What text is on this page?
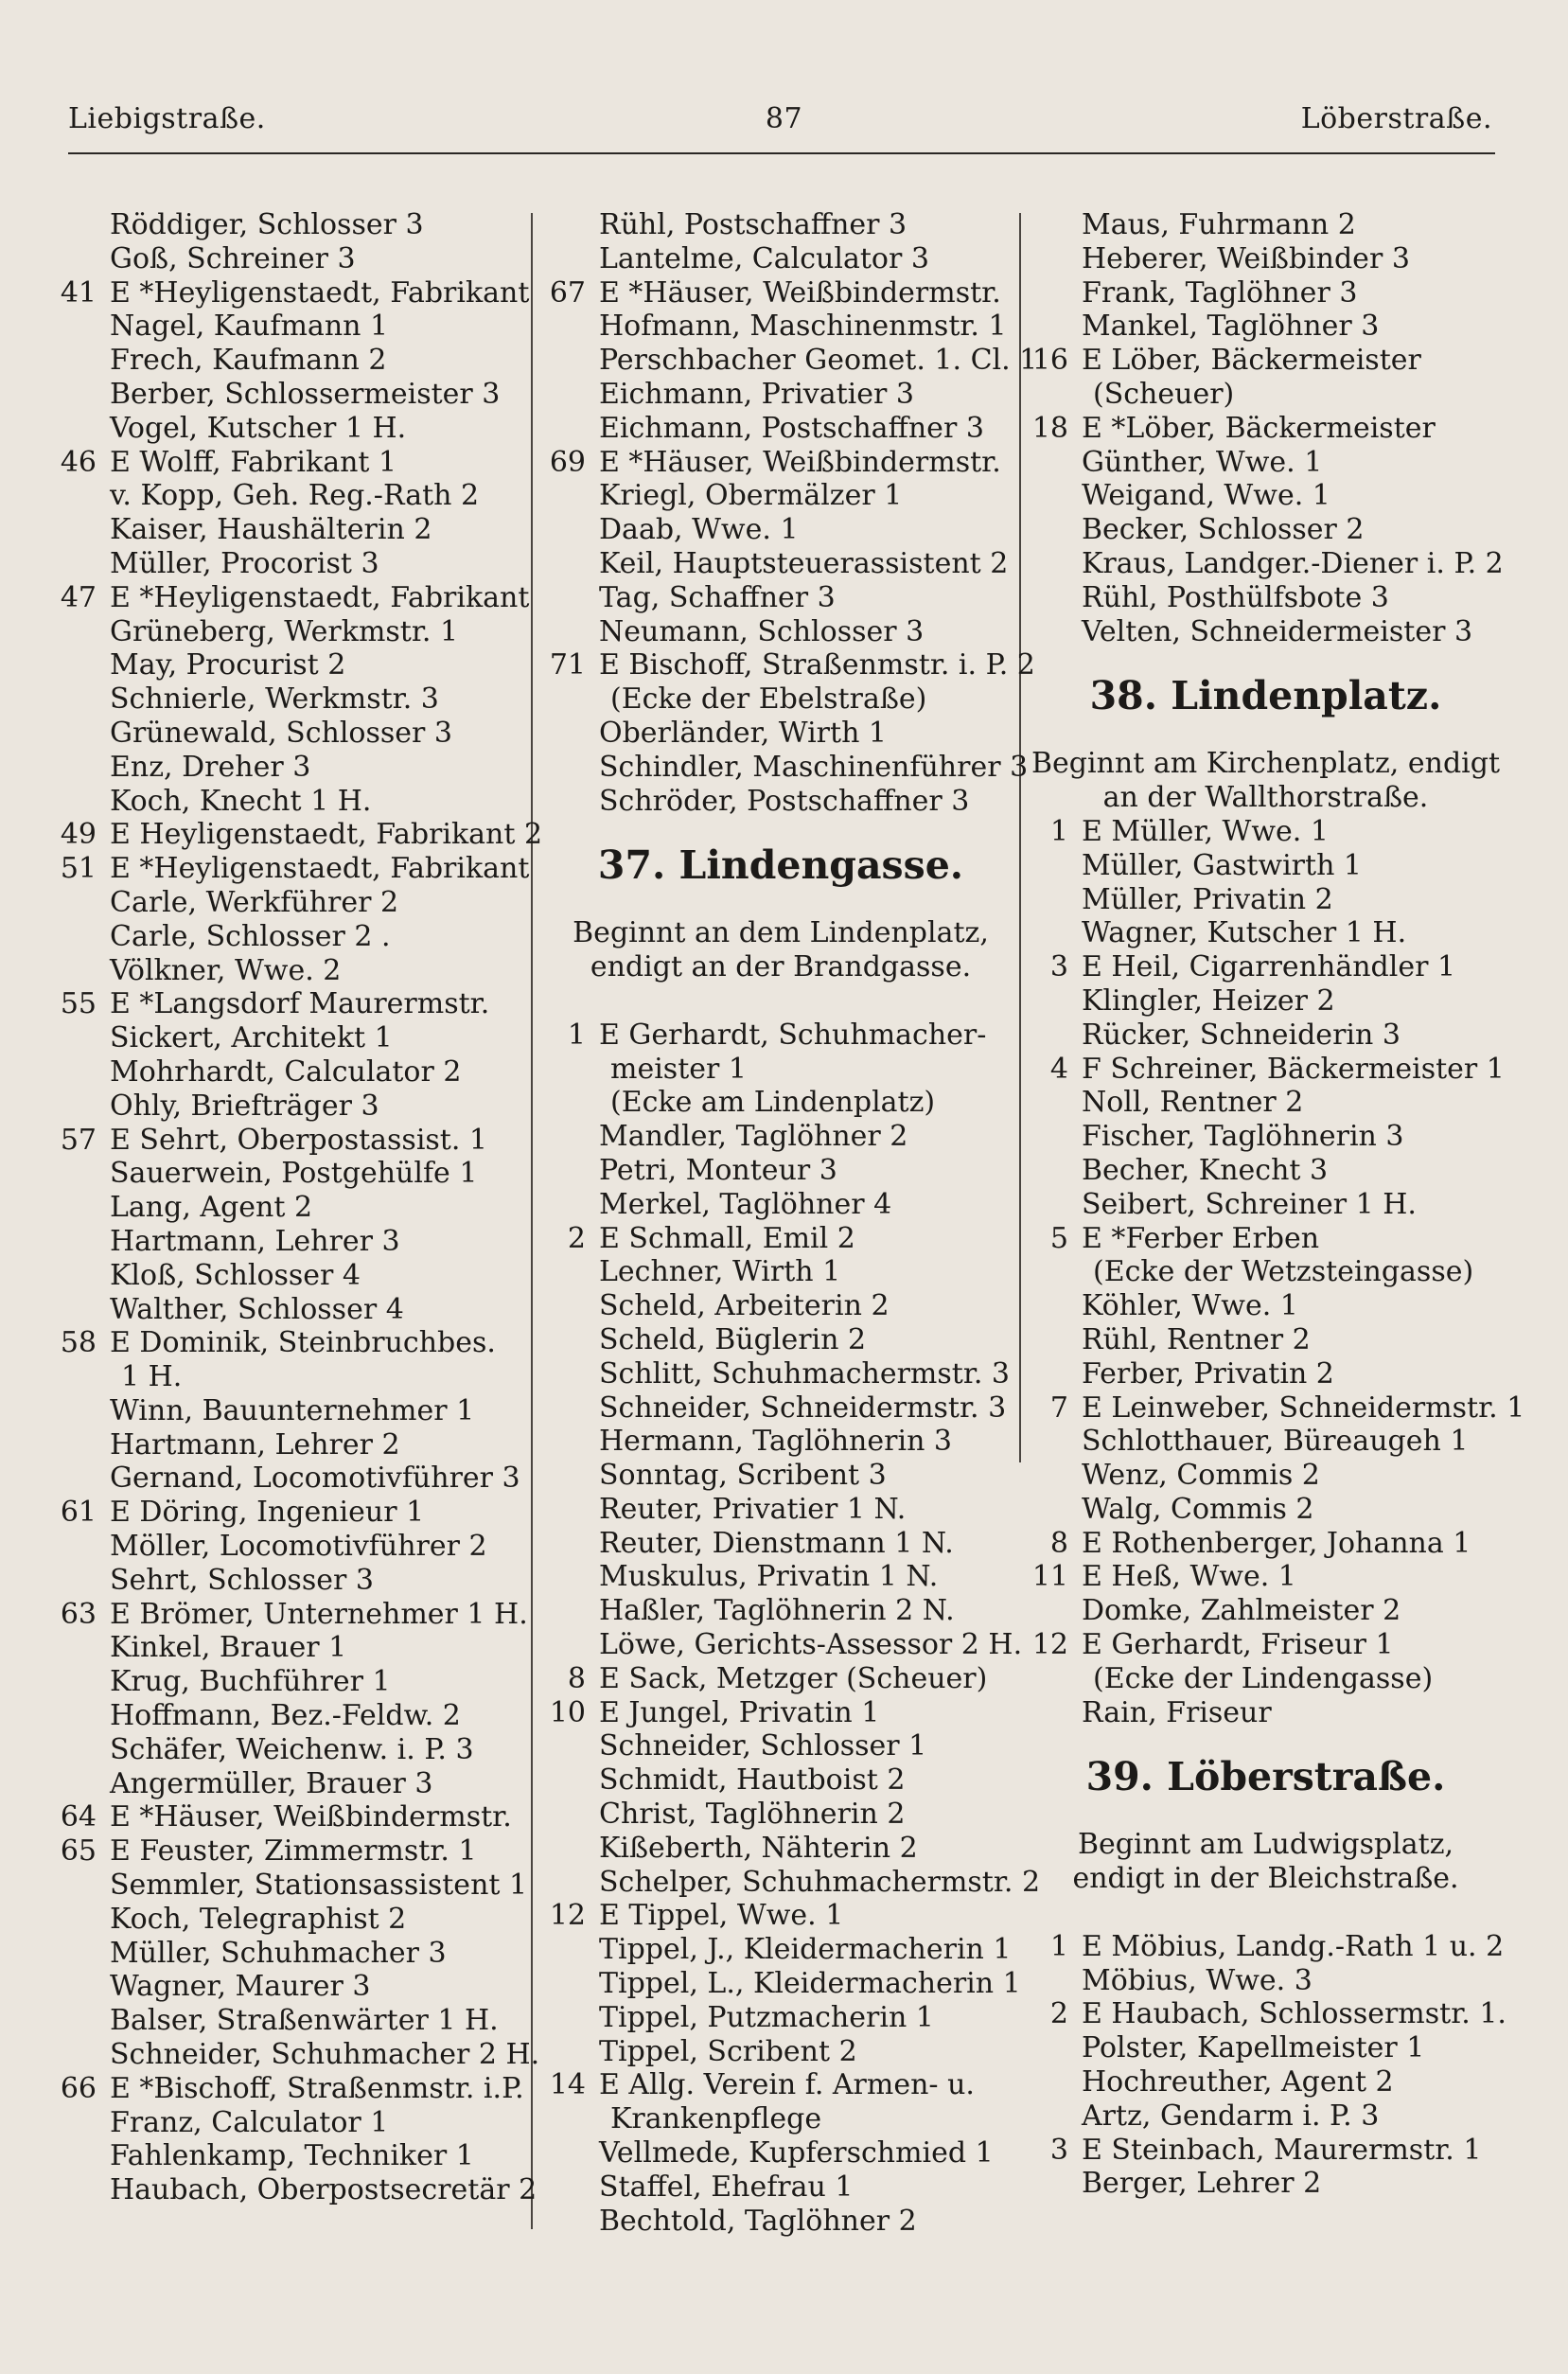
Liebigstraße.	87	Löberstraße.
Röddiger, Schlosser 3
Goß, Schreiner 3
41 E *Heyligenstaedt, Fabrikant
Nagel, Kaufmann 1
Frech, Kaufmann 2
Berber, Schlossermeister 3
Vogel, Kutscher 1 H.
46 E Wolff, Fabrikant 1
v. Kopp, Geh. Reg.-Rath 2
Kaiser, Haushälterin 2
Müller, Procorist 3
47 E *Heyligenstaedt, Fabrikant
Grüneberg, Werkmstr. 1
May, Procurist 2
Schnierle, Werkmstr. 3
Grünewald, Schlosser 3
Enz, Dreher 3
Koch, Knecht 1 H.
49 E Heyligenstaedt, Fabrikant 2
51 E *Heyligenstaedt, Fabrikant
Carle, Werkführer 2
Carle, Schlosser 2 .
Völkner, Wwe. 2
55 E *Langsdorf Maurermstr.
Sickert, Architekt 1
Mohrhardt, Calculator 2
Ohly, Briefträger 3
57 E Sehrt, Oberpostassist. 1
Sauerwein, Postgehülfe 1
Lang, Agent 2
Hartmann, Lehrer 3
Kloß, Schlosser 4
Walther, Schlosser 4
58 E Dominik, Steinbruchbes.
1 H.
Winn, Bauunternehmer 1
Hartmann, Lehrer 2
Gernand, Locomotivführer 3
61 E Döring, Ingenieur 1
Möller, Locomotivführer 2
Sehrt, Schlosser 3
63 E Brömer, Unternehmer 1 H.
Kinkel, Brauer 1
Krug, Buchführer 1
Hoffmann, Bez.-Feldw. 2
Schäfer, Weichenw. i. P. 3
Angermüller, Brauer 3
64 E *Häuser, Weißbindermstr.
65 E Feuster, Zimmermstr. 1
Semmler, Stationsassistent 1
Koch, Telegraphist 2
Müller, Schuhmacher 3
Wagner, Maurer 3
Balser, Straßenwärter 1 H.
Schneider, Schuhmacher 2 H.
66 E *Bischoff, Straßenmstr. i.P.
Franz, Calculator 1
Fahlenkamp, Techniker 1
Haubach, Oberpostsecretär 2
Rühl, Postschaffner 3
Lantelme, Calculator 3
67 E *Häuser, Weißbindermstr.
Hofmann, Maschinenmstr. 1
Perschbacher Geomet. 1. Cl. 1
Eichmann, Privatier 3
Eichmann, Postschaffner 3
69 E *Häuser, Weißbindermstr.
Kriegl, Obermälzer 1
Daab, Wwe. 1
Keil, Hauptsteuerassistent 2
Tag, Schaffner 3
Neumann, Schlosser 3
71 E Bischoff, Straßenmstr. i. P. 2
(Ecke der Ebelstraße)
Oberländer, Wirth 1
Schindler, Maschinenführer 3
Schröder, Postschaffner 3
37. Lindengasse.
Beginnt an dem Lindenplatz,
endigt an der Brandgasse.
1 E Gerhardt, Schuhmacher-
meister 1
(Ecke am Lindenplatz)
Mandler, Taglöhner 2
Petri, Monteur 3
Merkel, Taglöhner 4
2 E Schmall, Emil 2
Lechner, Wirth 1
Scheld, Arbeiterin 2
Scheld, Büglerin 2
Schlitt, Schuhmachermstr. 3
Schneider, Schneidermstr. 3
Hermann, Taglöhnerin 3
Sonntag, Scribent 3
Reuter, Privatier 1 N.
Reuter, Dienstmann 1 N.
Muskulus, Privatin 1 N.
Haßler, Taglöhnerin 2 N.
Löwe, Gerichts-Assessor 2 H.
8 E Sack, Metzger (Scheuer)
10 E Jungel, Privatin 1
Schneider, Schlosser 1
Schmidt, Hautboist 2
Christ, Taglöhnerin 2
Kißeberth, Nähterin 2
Schelper, Schuhmachermstr. 2
12 E Tippel, Wwe. 1
Tippel, J., Kleidermacherin 1
Tippel, L., Kleidermacherin 1
Tippel, Putzmacherin 1
Tippel, Scribent 2
14 E Allg. Verein f. Armen- u.
Krankenpflege
Vellmede, Kupferschmied 1
Staffel, Ehefrau 1
Bechtold, Taglöhner 2
Maus, Fuhrmann 2
Heberer, Weißbinder 3
Frank, Taglöhner 3
Mankel, Taglöhner 3
16 E Löber, Bäckermeister
(Scheuer)
18 E *Löber, Bäckermeister
Günther, Wwe. 1
Weigand, Wwe. 1
Becker, Schlosser 2
Kraus, Landger.-Diener i. P. 2
Rühl, Posthülfsbote 3
Velten, Schneidermeister 3
38. Lindenplatz.
Beginnt am Kirchenplatz, endigt
an der Wallthorstraße.
1 E Müller, Wwe. 1
Müller, Gastwirth 1
Müller, Privatin 2
Wagner, Kutscher 1 H.
3 E Heil, Cigarrenhändler 1
Klingler, Heizer 2
Rücker, Schneiderin 3
4 F Schreiner, Bäckermeister 1
Noll, Rentner 2
Fischer, Taglöhnerin 3
Becher, Knecht 3
Seibert, Schreiner 1 H.
5 E *Ferber Erben
(Ecke der Wetzsteingasse)
Köhler, Wwe. 1
Rühl, Rentner 2
Ferber, Privatin 2
7 E Leinweber, Schneidermstr. 1
Schlotthauer, Büreaugeh 1
Wenz, Commis 2
Walg, Commis 2
8 E Rothenberger, Johanna 1
11 E Heß, Wwe. 1
Domke, Zahlmeister 2
12 E Gerhardt, Friseur 1
(Ecke der Lindengasse)
Rain, Friseur
39. Löberstraße.
Beginnt am Ludwigsplatz,
endigt in der Bleichstraße.
1 E Möbius, Landg.-Rath 1 u. 2
Möbius, Wwe. 3
2 E Haubach, Schlossermstr. 1.
Polster, Kapellmeister 1
Hochreuther, Agent 2
Artz, Gendarm i. P. 3
3 E Steinbach, Maurermstr. 1
Berger, Lehrer 2
